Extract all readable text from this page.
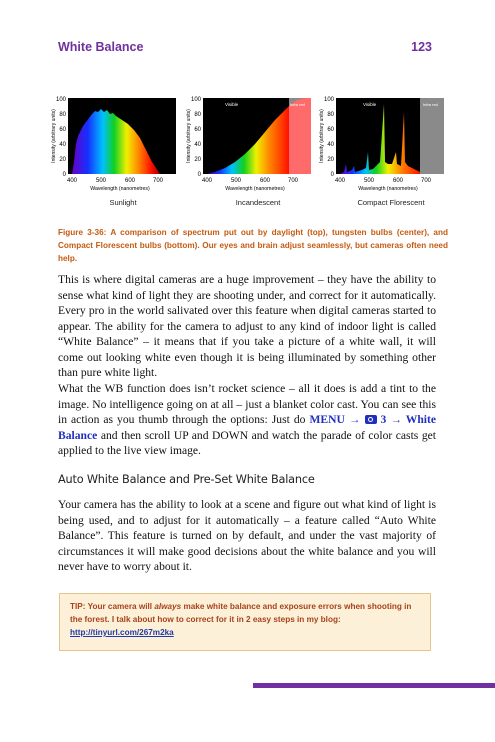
White Balance	123
100
80
60
40
20
0
Intensity (arbitrary units)
400	500	600	700
Wavelength (nanometres)
Sunlight
Visible	Infra red
100
80
60
40
20
0
Intensity (arbitrary units)
400	500	600	700
Wavelength (nanometres)
Incandescent
Visible	Infra red
100
80
60
40
20
0
Intensity (arbitrary units)
400	500	600	700
Wavelength (nanometres)
Compact Florescent
Figure 3-36: A comparison of spectrum put out by daylight (top), tungsten bulbs (center), and Compact Florescent bulbs (bottom). Our eyes and brain adjust seamlessly, but cameras often need help.

This is where digital cameras are a huge improvement – they have the ability to sense what kind of light they are shooting under, and correct for it automatically. Every pro in the world salivated over this feature when digital cameras started to appear. The ability for the camera to adjust to any kind of indoor light is called “White Balance” – it means that if you take a picture of a white wall, it will come out looking white even though it is being illuminated by something other than pure white light.

What the WB function does isn’t rocket science – all it does is add a tint to the image. No intelligence going on at all – just a blanket color cast. You can see this in action as you thumb through the options: Just do MENU →  3 → White Balance and then scroll UP and DOWN and watch the parade of color casts get applied to the live view image.

Auto White Balance and Pre-Set White Balance

Your camera has the ability to look at a scene and figure out what kind of light is being used, and to adjust for it automatically – a feature called “Auto White Balance”. This feature is turned on by default, and under the vast majority of circumstances it will make good decisions about the white balance and you will never have to worry about it.

TIP: Your camera will always make white balance and exposure errors when shooting in the forest. I talk about how to correct for it in 2 easy steps in my blog: http://tinyurl.com/267m2ka
